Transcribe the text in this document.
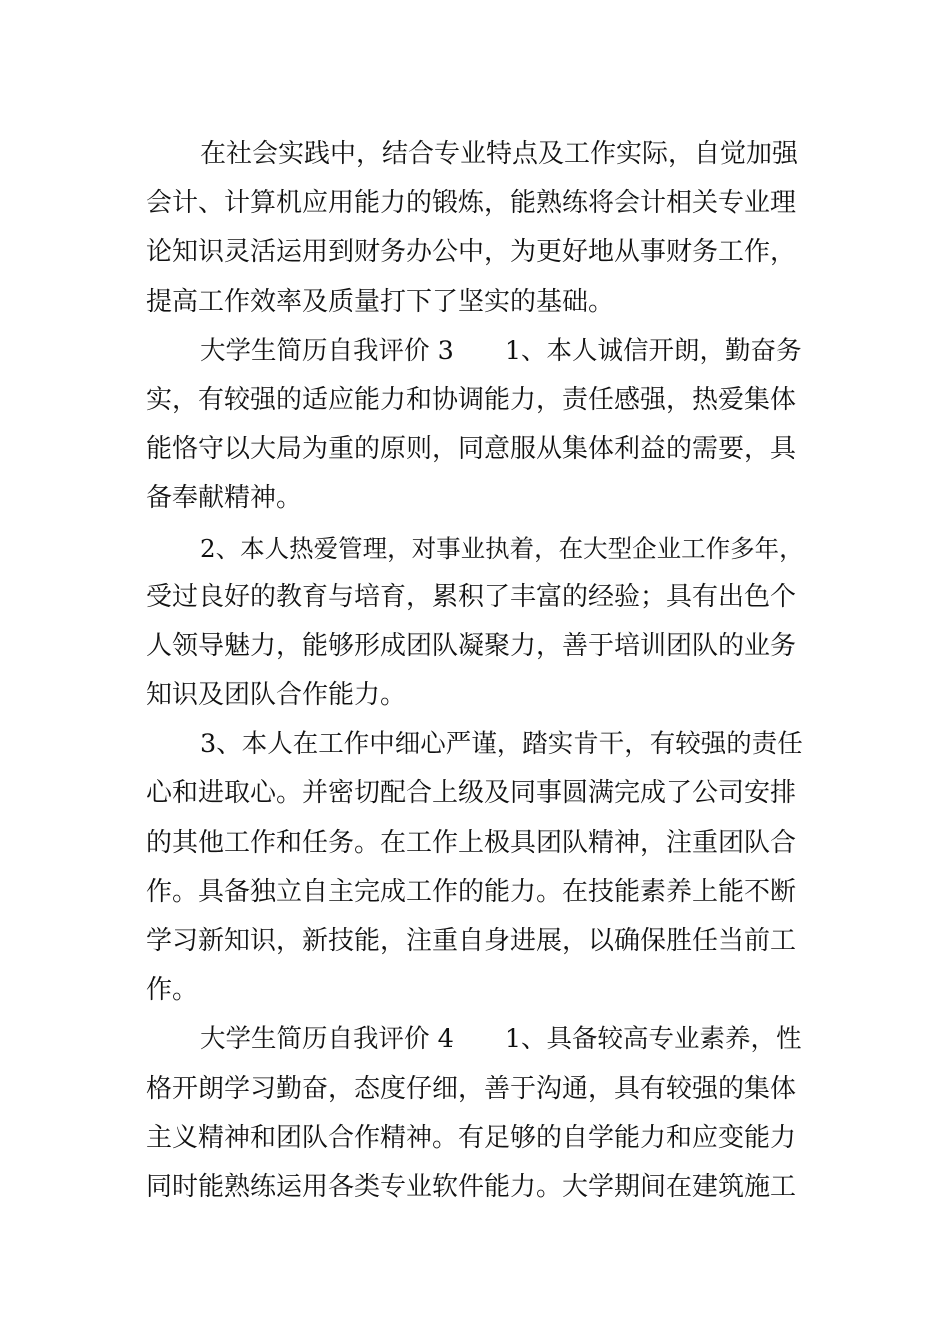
在社会实践中，结合专业特点及工作实际，自觉加强
会计、计算机应用能力的锻炼，能熟练将会计相关专业理
论知识灵活运用到财务办公中，为更好地从事财务工作，
提高工作效率及质量打下了坚实的基础。
大学生简历自我评价 3　　1、本人诚信开朗，勤奋务
实，有较强的适应能力和协调能力，责任感强，热爱集体
能恪守以大局为重的原则，同意服从集体利益的需要，具
备奉献精神。
2、本人热爱管理，对事业执着，在大型企业工作多年，
受过良好的教育与培育，累积了丰富的经验；具有出色个
人领导魅力，能够形成团队凝聚力，善于培训团队的业务
知识及团队合作能力。
3、本人在工作中细心严谨，踏实肯干，有较强的责任
心和进取心。并密切配合上级及同事圆满完成了公司安排
的其他工作和任务。在工作上极具团队精神，注重团队合
作。具备独立自主完成工作的能力。在技能素养上能不断
学习新知识，新技能，注重自身进展，以确保胜任当前工
作。
大学生简历自我评价 4　　1、具备较高专业素养，性
格开朗学习勤奋，态度仔细，善于沟通，具有较强的集体
主义精神和团队合作精神。有足够的自学能力和应变能力
同时能熟练运用各类专业软件能力。大学期间在建筑施工
